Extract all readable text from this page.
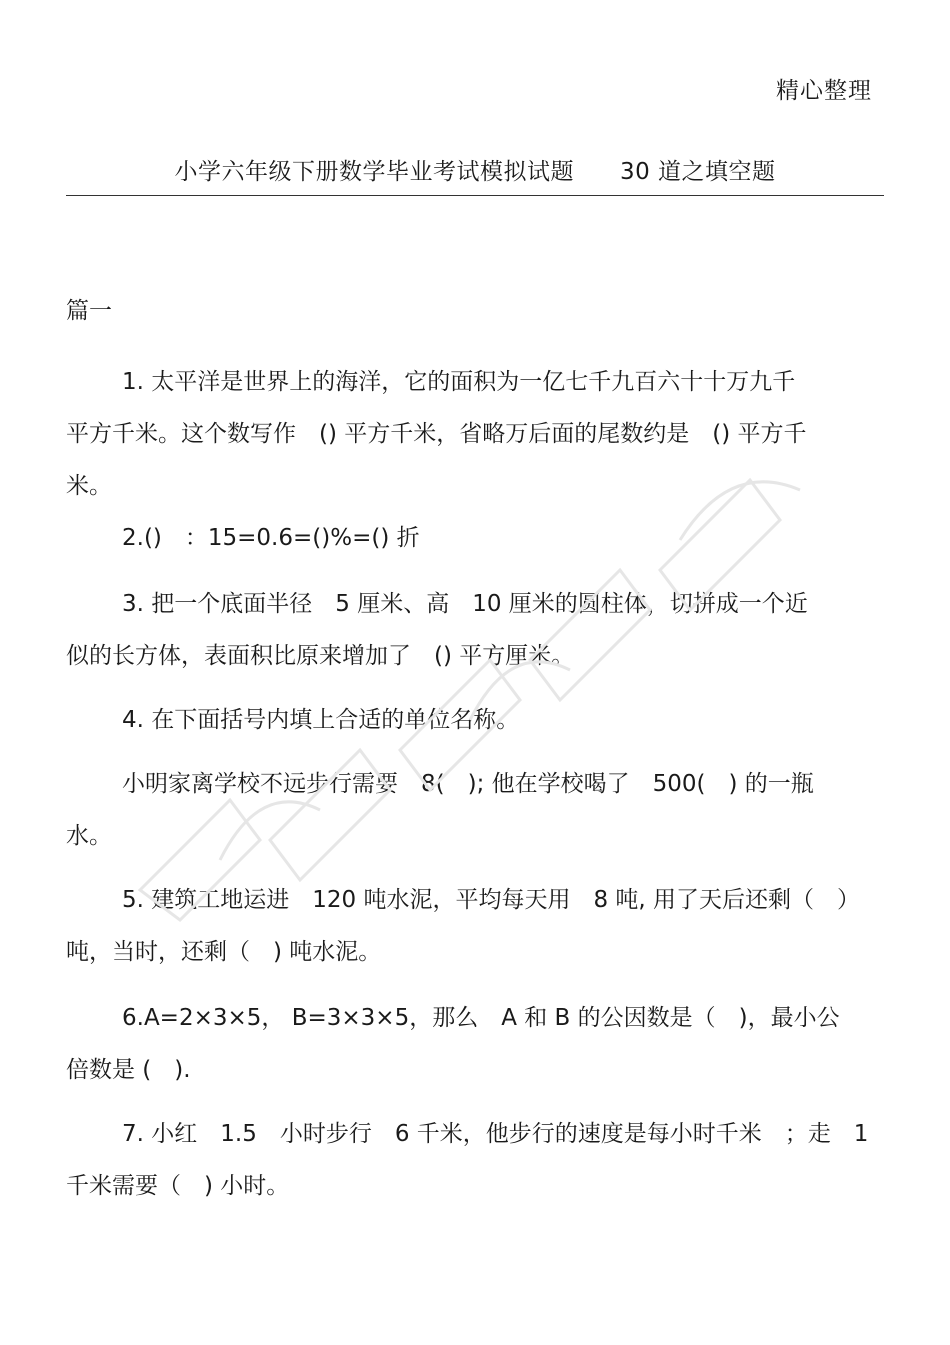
精心整理
小学六年级下册数学毕业考试模拟试题 30 道之填空题
篇一

1. 太平洋是世界上的海洋，它的面积为一亿七千九百六十十万九千

平方千米。这个数写作　() 平方千米，省略万后面的尾数约是　() 平方千

米。

2.()　：15=0.6=()%=() 折

3. 把一个底面半径　5 厘米、高　10 厘米的圆柱体，切拼成一个近

似的长方体，表面积比原来增加了　() 平方厘米。

4. 在下面括号内填上合适的单位名称。

小明家离学校不远步行需要　8(　); 他在学校喝了　500(　) 的一瓶

水。

5. 建筑工地运进　120 吨水泥，平均每天用　8 吨, 用了天后还剩（　）

吨，当时，还剩（　) 吨水泥。

6.A=2×3×5， B=3×3×5，那么　A 和 B 的公因数是（　)，最小公

倍数是 (　).

7. 小红　1.5　小时步行　6 千米，他步行的速度是每小时千米　；走　1

千米需要（　) 小时。
